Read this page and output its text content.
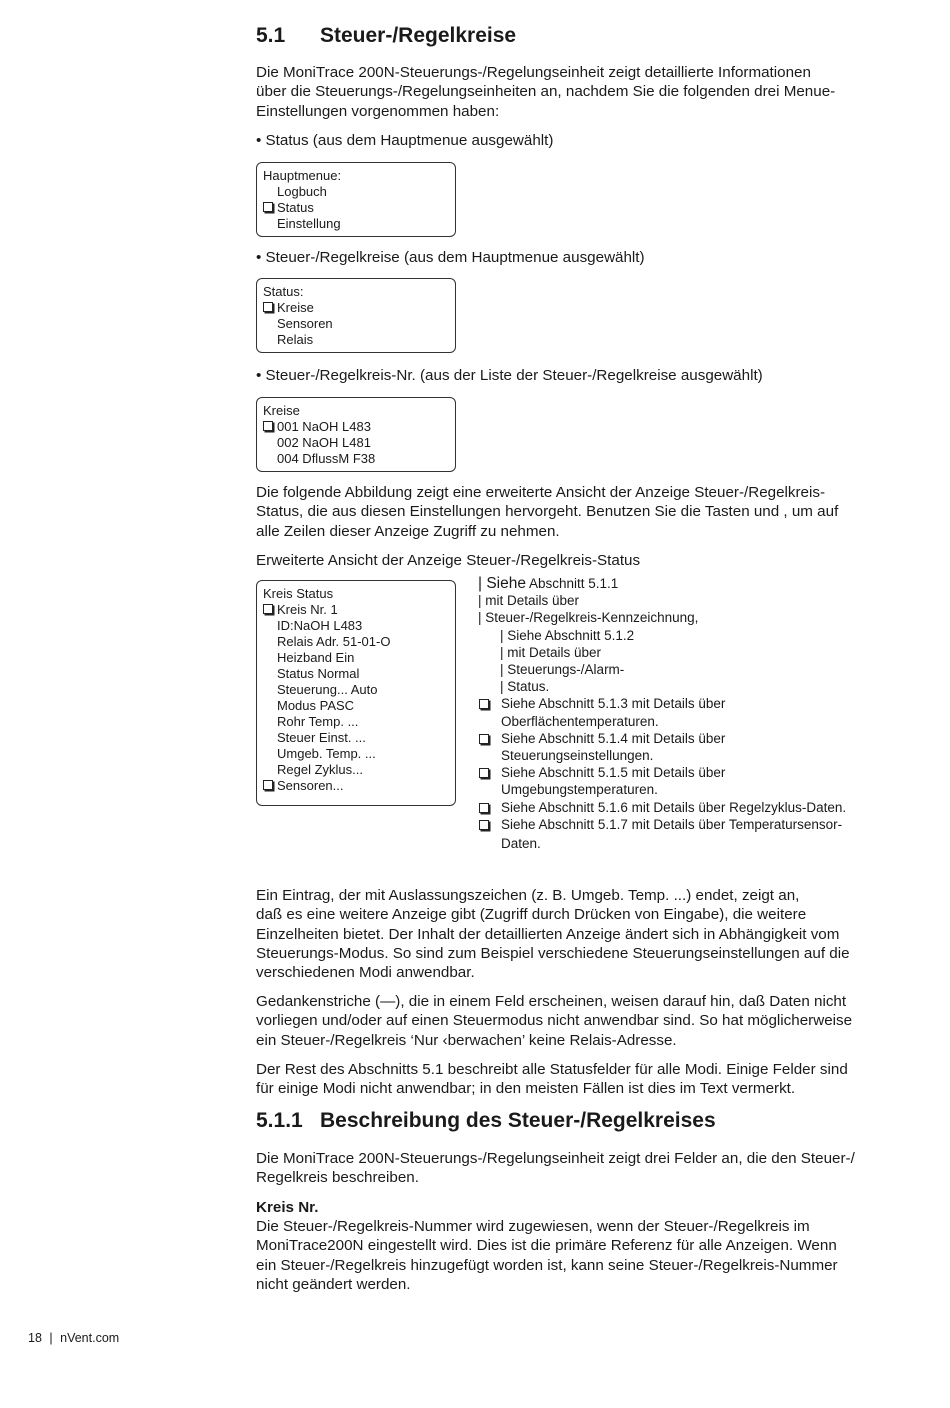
5.1 Steuer-/Regelkreise

Die MoniTrace 200N-Steuerungs-/Regelungseinheit zeigt detaillierte Informationen
über die Steuerungs-/Regelungseinheiten an, nachdem Sie die folgenden drei Menue-
Einstellungen vorgenommen haben:

• Status (aus dem Hauptmenue ausgewählt)

Hauptmenue:
Logbuch
Status
Einstellung

• Steuer-/Regelkreise (aus dem Hauptmenue ausgewählt)

Status:
Kreise
Sensoren
Relais

• Steuer-/Regelkreis-Nr. (aus der Liste der Steuer-/Regelkreise ausgewählt)

Kreise
001 NaOH L483
002 NaOH L481
004 DflussM F38

Die folgende Abbildung zeigt eine erweiterte Ansicht der Anzeige Steuer-/Regelkreis-
Status, die aus diesen Einstellungen hervorgeht. Benutzen Sie die Tasten und , um auf
alle Zeilen dieser Anzeige Zugriff zu nehmen.

Erweiterte Ansicht der Anzeige Steuer-/Regelkreis-Status

Kreis Status
Kreis Nr. 1
ID:NaOH L483
Relais Adr. 51-01-O
Heizband Ein
Status Normal
Steuerung... Auto
Modus PASC
Rohr Temp. ...
Steuer Einst. ...
Umgeb. Temp. ...
Regel Zyklus...
Sensoren...
| Siehe Abschnitt 5.1.1
| mit Details über
| Steuer-/Regelkreis-Kennzeichnung,
| Siehe Abschnitt 5.1.2
| mit Details über
| Steuerungs-/Alarm-
| Status.
Siehe Abschnitt 5.1.3 mit Details über
Oberflächentemperaturen.
Siehe Abschnitt 5.1.4 mit Details über
Steuerungseinstellungen.
Siehe Abschnitt 5.1.5 mit Details über
Umgebungstemperaturen.
Siehe Abschnitt 5.1.6 mit Details über Regelzyklus-Daten.
Siehe Abschnitt 5.1.7 mit Details über Temperatursensor-
Daten.

Ein Eintrag, der mit Auslassungszeichen (z. B. Umgeb. Temp. ...) endet, zeigt an,
daß es eine weitere Anzeige gibt (Zugriff durch Drücken von Eingabe), die weitere
Einzelheiten bietet. Der Inhalt der detaillierten Anzeige ändert sich in Abhängigkeit vom
Steuerungs-Modus. So sind zum Beispiel verschiedene Steuerungseinstellungen auf die
verschiedenen Modi anwendbar.

Gedankenstriche (—), die in einem Feld erscheinen, weisen darauf hin, daß Daten nicht
vorliegen und/oder auf einen Steuermodus nicht anwendbar sind. So hat möglicherweise
ein Steuer-/Regelkreis ‘Nur ‹berwachen’ keine Relais-Adresse.

Der Rest des Abschnitts 5.1 beschreibt alle Statusfelder für alle Modi. Einige Felder sind
für einige Modi nicht anwendbar; in den meisten Fällen ist dies im Text vermerkt.

5.1.1 Beschreibung des Steuer-/Regelkreises

Die MoniTrace 200N-Steuerungs-/Regelungseinheit zeigt drei Felder an, die den Steuer-/
Regelkreis beschreiben.

Kreis Nr.

Die Steuer-/Regelkreis-Nummer wird zugewiesen, wenn der Steuer-/Regelkreis im
MoniTrace200N eingestellt wird. Dies ist die primäre Referenz für alle Anzeigen. Wenn
ein Steuer-/Regelkreis hinzugefügt worden ist, kann seine Steuer-/Regelkreis-Nummer
nicht geändert werden.

18 | nVent.com
